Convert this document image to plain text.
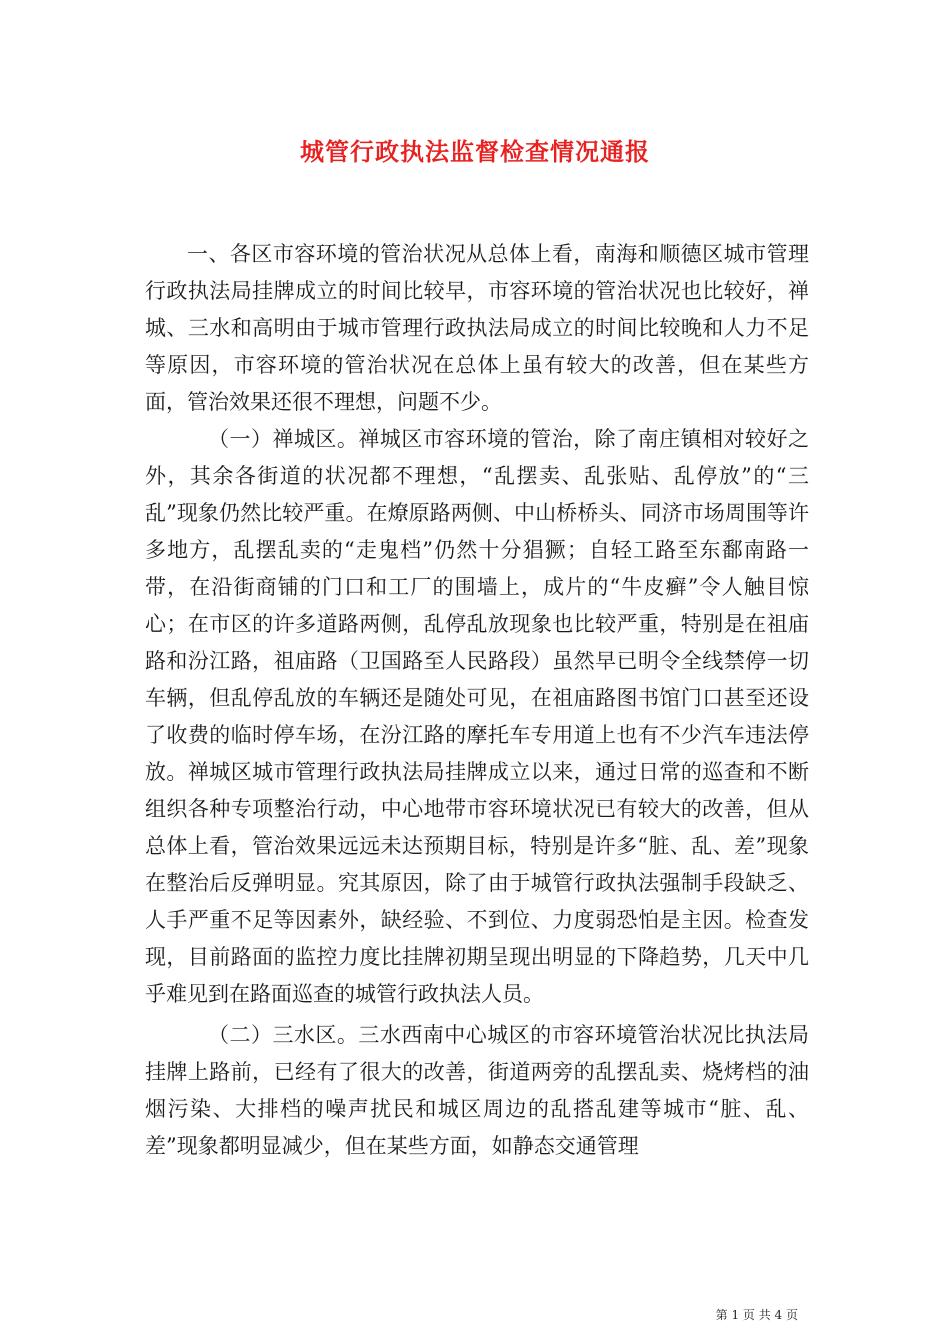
城管行政执法监督检查情况通报

一、各区市容环境的管治状况从总体上看，南海和顺德区城市管理行政执法局挂牌成立的时间比较早，市容环境的管治状况也比较好，禅城、三水和高明由于城市管理行政执法局成立的时间比较晚和人力不足等原因，市容环境的管治状况在总体上虽有较大的改善，但在某些方面，管治效果还很不理想，问题不少。

（一）禅城区。禅城区市容环境的管治，除了南庄镇相对较好之外，其余各街道的状况都不理想，“乱摆卖、乱张贴、乱停放”的“三乱”现象仍然比较严重。在燎原路两侧、中山桥桥头、同济市场周围等许多地方，乱摆乱卖的“走鬼档”仍然十分猖獗；自轻工路至东鄱南路一带，在沿街商铺的门口和工厂的围墙上，成片的“牛皮癣”令人触目惊心；在市区的许多道路两侧，乱停乱放现象也比较严重，特别是在祖庙路和汾江路，祖庙路（卫国路至人民路段）虽然早已明令全线禁停一切车辆，但乱停乱放的车辆还是随处可见，在祖庙路图书馆门口甚至还设了收费的临时停车场，在汾江路的摩托车专用道上也有不少汽车违法停放。禅城区城市管理行政执法局挂牌成立以来，通过日常的巡查和不断组织各种专项整治行动，中心地带市容环境状况已有较大的改善，但从总体上看，管治效果远远未达预期目标，特别是许多“脏、乱、差”现象在整治后反弹明显。究其原因，除了由于城管行政执法强制手段缺乏、人手严重不足等因素外，缺经验、不到位、力度弱恐怕是主因。检查发现，目前路面的监控力度比挂牌初期呈现出明显的下降趋势，几天中几乎难见到在路面巡查的城管行政执法人员。

（二）三水区。三水西南中心城区的市容环境管治状况比执法局挂牌上路前，已经有了很大的改善，街道两旁的乱摆乱卖、烧烤档的油烟污染、大排档的噪声扰民和城区周边的乱搭乱建等城市“脏、乱、差”现象都明显减少，但在某些方面，如静态交通管理

第 1 页 共 4 页
